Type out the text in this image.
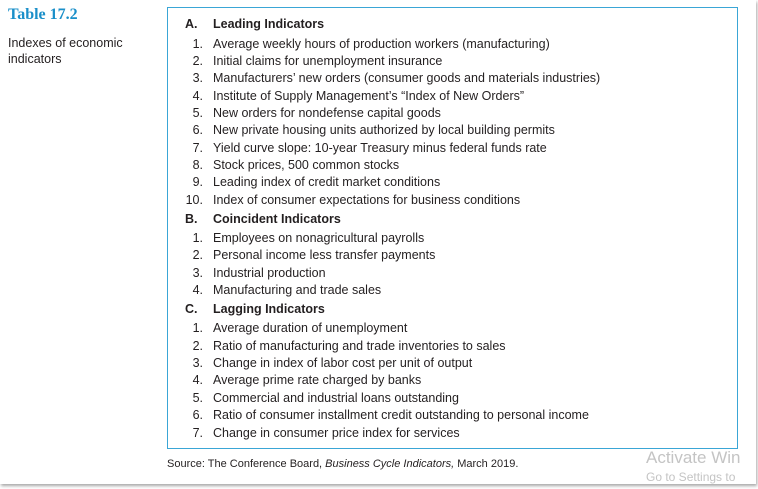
Table 17.2
Indexes of economic indicators
A. Leading Indicators
1. Average weekly hours of production workers (manufacturing)
2. Initial claims for unemployment insurance
3. Manufacturers’ new orders (consumer goods and materials industries)
4. Institute of Supply Management’s “Index of New Orders”
5. New orders for nondefense capital goods
6. New private housing units authorized by local building permits
7. Yield curve slope: 10-year Treasury minus federal funds rate
8. Stock prices, 500 common stocks
9. Leading index of credit market conditions
10. Index of consumer expectations for business conditions
B. Coincident Indicators
1. Employees on nonagricultural payrolls
2. Personal income less transfer payments
3. Industrial production
4. Manufacturing and trade sales
C. Lagging Indicators
1. Average duration of unemployment
2. Ratio of manufacturing and trade inventories to sales
3. Change in index of labor cost per unit of output
4. Average prime rate charged by banks
5. Commercial and industrial loans outstanding
6. Ratio of consumer installment credit outstanding to personal income
7. Change in consumer price index for services
Source: The Conference Board, Business Cycle Indicators, March 2019.	Activate Win
Go to Settings to
